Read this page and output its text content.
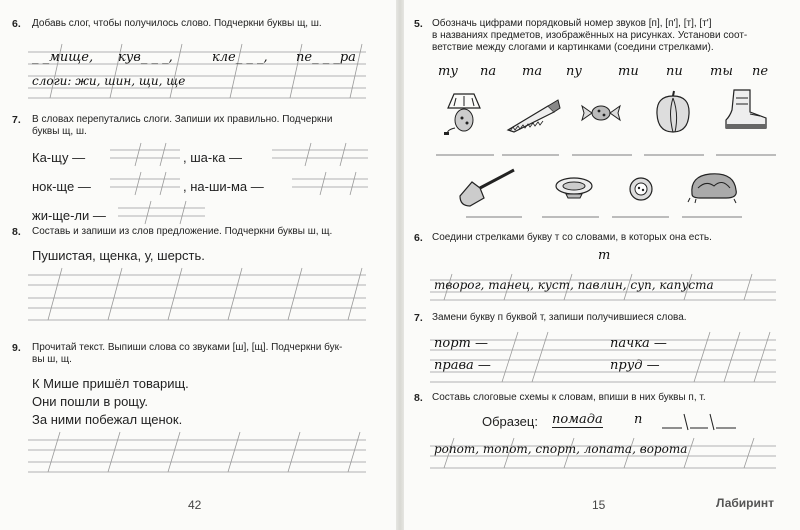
6. Добавь слог, чтобы получилось слово. Подчеркни буквы щ, ш.
_ _мище, кув_ _ _,	кле_ _ _, пе_ _ _ра
слоги: жи, шин, щи, ще
7. В словах перепутались слоги. Запиши их правильно. Подчеркни
буквы щ, ш.
Ка-щу —	, ша-ка —
нок-ще —	, на-ши-ма —
жи-ще-ли —
8. Составь и запиши из слов предложение. Подчеркни буквы ш, щ.
Пушистая, щенка, у, шерсть.
9. Прочитай текст. Выпиши слова со звуками [ш], [щ]. Подчеркни бук-
вы ш, щ.
К Мише пришёл товарищ.
Они пошли в рощу.
За ними побежал щенок.
42
5. Обозначь цифрами порядковый номер звуков [п], [п'], [т], [т']
в названиях предметов, изображённых на рисунках. Установи соот-
ветствие между слогами и картинками (соедини стрелками).
ту па та пу	ти пи ты пе
6. Соедини стрелками букву т со словами, в которых она есть.
т
творог, танец, куст, павлин, суп, капуста
7. Замени букву п буквой т, запиши получившиеся слова.
порт —	пачка —
права —	пруд —
8. Составь слоговые схемы к словам, впиши в них буквы п, т.
Образец: помада п
ропот, топот, спорт, лопата, ворота
15	Лабиринт
